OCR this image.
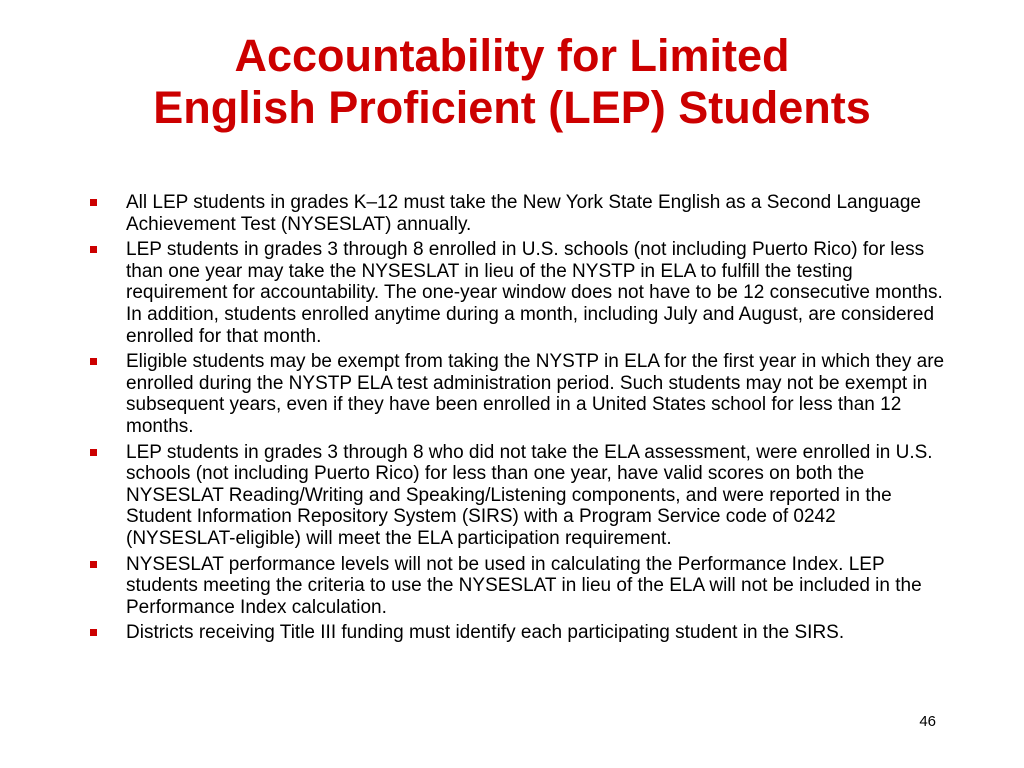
Accountability for Limited
English Proficient (LEP) Students
All LEP students in grades K–12 must take the New York State English as a Second Language Achievement Test (NYSESLAT) annually.
LEP students in grades 3 through 8 enrolled in U.S. schools (not including Puerto Rico) for less than one year may take the NYSESLAT in lieu of the NYSTP in ELA to fulfill the testing requirement for accountability. The one-year window does not have to be 12 consecutive months. In addition, students enrolled anytime during a month, including July and August, are considered enrolled for that month.
Eligible students may be exempt from taking the NYSTP in ELA for the first year in which they are enrolled during the NYSTP ELA test administration period. Such students may not be exempt in subsequent years, even if they have been enrolled in a United States school for less than 12 months.
LEP students in grades 3 through 8 who did not take the ELA assessment, were enrolled in U.S. schools (not including Puerto Rico) for less than one year, have valid scores on both the NYSESLAT Reading/Writing and Speaking/Listening components, and were reported in the Student Information Repository System (SIRS) with a Program Service code of 0242 (NYSESLAT-eligible) will meet the ELA participation requirement.
NYSESLAT performance levels will not be used in calculating the Performance Index. LEP students meeting the criteria to use the NYSESLAT in lieu of the ELA will not be included in the Performance Index calculation.
Districts receiving Title III funding must identify each participating student in the SIRS.
46
